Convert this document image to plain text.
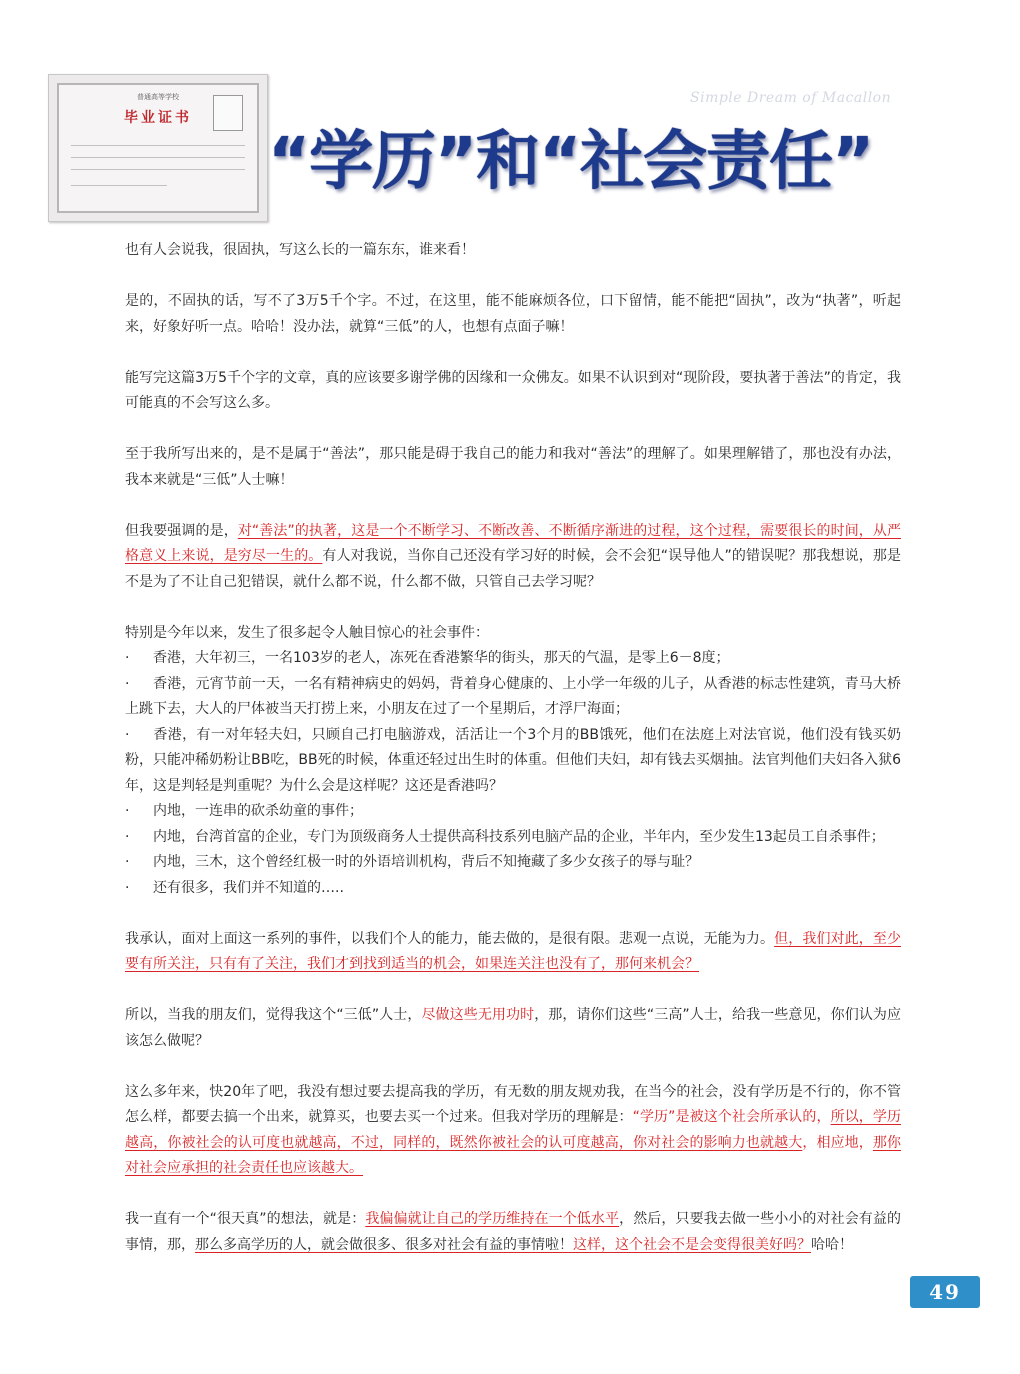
普通高等学校
毕业证书
Simple Dream of Macallon
“学历”和“社会责任”

也有人会说我，很固执，写这么长的一篇东东，谁来看！

是的，不固执的话，写不了3万5千个字。不过，在这里，能不能麻烦各位，口下留情，能不能把“固执”，改为“执著”，听起来，好象好听一点。哈哈！没办法，就算“三低”的人，也想有点面子嘛！

能写完这篇3万5千个字的文章，真的应该要多谢学佛的因缘和一众佛友。如果不认识到对“现阶段，要执著于善法”的肯定，我可能真的不会写这么多。

至于我所写出来的，是不是属于“善法”，那只能是碍于我自己的能力和我对“善法”的理解了。如果理解错了，那也没有办法，我本来就是“三低”人士嘛！

但我要强调的是，对“善法”的执著，这是一个不断学习、不断改善、不断循序渐进的过程，这个过程，需要很长的时间，从严格意义上来说，是穷尽一生的。有人对我说，当你自己还没有学习好的时候，会不会犯“误导他人”的错误呢？那我想说，那是不是为了不让自己犯错误，就什么都不说，什么都不做，只管自己去学习呢？

特别是今年以来，发生了很多起令人触目惊心的社会事件：

· 香港，大年初三，一名103岁的老人，冻死在香港繁华的街头，那天的气温，是零上6－8度；
· 香港，元宵节前一天，一名有精神病史的妈妈，背着身心健康的、上小学一年级的儿子，从香港的标志性建筑，青马大桥上跳下去，大人的尸体被当天打捞上来，小朋友在过了一个星期后，才浮尸海面；
· 香港，有一对年轻夫妇，只顾自己打电脑游戏，活活让一个3个月的BB饿死，他们在法庭上对法官说，他们没有钱买奶粉，只能冲稀奶粉让BB吃，BB死的时候，体重还轻过出生时的体重。但他们夫妇，却有钱去买烟抽。法官判他们夫妇各入狱6年，这是判轻是判重呢？为什么会是这样呢？这还是香港吗？
· 内地，一连串的砍杀幼童的事件；
· 内地，台湾首富的企业，专门为顶级商务人士提供高科技系列电脑产品的企业，半年内，至少发生13起员工自杀事件；
· 内地，三木，这个曾经红极一时的外语培训机构，背后不知掩藏了多少女孩子的辱与耻？
· 还有很多，我们并不知道的…..

我承认，面对上面这一系列的事件，以我们个人的能力，能去做的，是很有限。悲观一点说，无能为力。但，我们对此，至少要有所关注，只有有了关注，我们才到找到适当的机会，如果连关注也没有了，那何来机会？

所以，当我的朋友们，觉得我这个“三低”人士，尽做这些无用功时，那，请你们这些“三高”人士，给我一些意见，你们认为应该怎么做呢？

这么多年来，快20年了吧，我没有想过要去提高我的学历，有无数的朋友规劝我，在当今的社会，没有学历是不行的，你不管怎么样，都要去搞一个出来，就算买，也要去买一个过来。但我对学历的理解是：“学历”是被这个社会所承认的，所以，学历越高，你被社会的认可度也就越高，不过，同样的，既然你被社会的认可度越高，你对社会的影响力也就越大，相应地，那你对社会应承担的社会责任也应该越大。

我一直有一个“很天真”的想法，就是：我偏偏就让自己的学历维持在一个低水平，然后，只要我去做一些小小的对社会有益的事情，那，那么多高学历的人，就会做很多、很多对社会有益的事情啦！这样，这个社会不是会变得很美好吗？哈哈！

49
